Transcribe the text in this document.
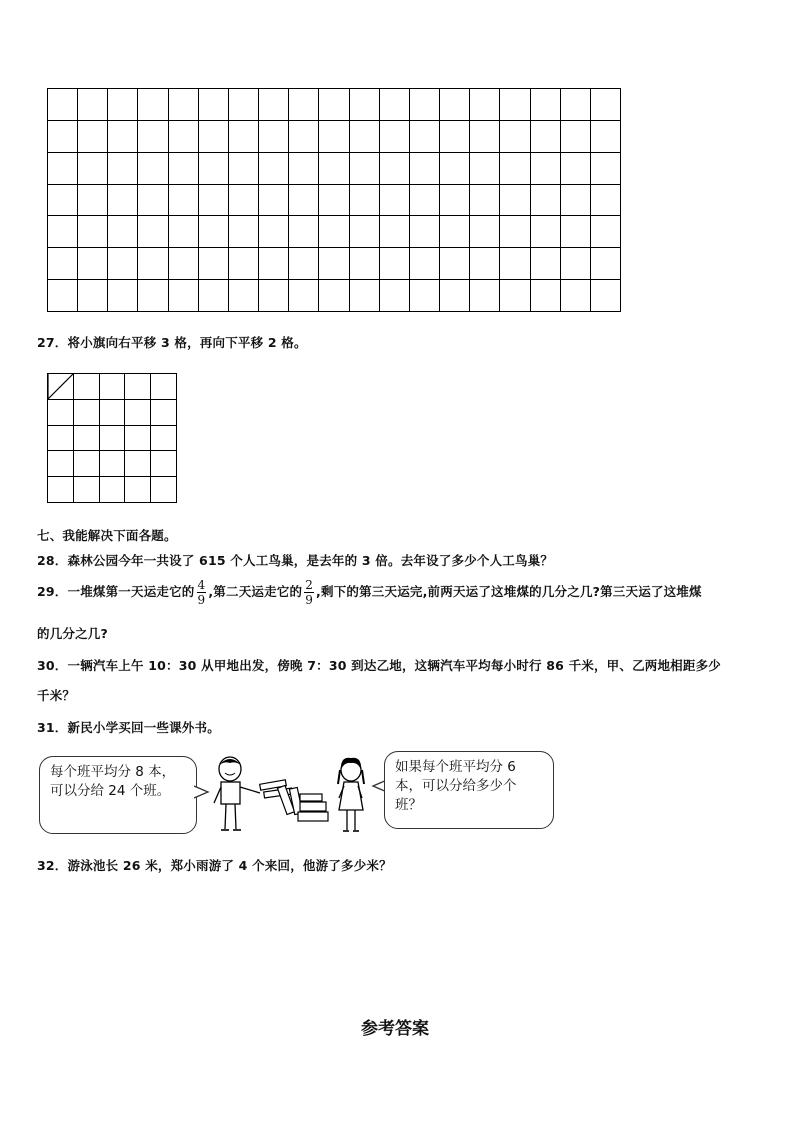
27．将小旗向右平移 3 格，再向下平移 2 格。
七、我能解决下面各题。
28．森林公园今年一共设了 615 个人工鸟巢，是去年的 3 倍。去年设了多少个人工鸟巢？
29．一堆煤第一天运走它的 $\frac{4}{9}$ ,第二天运走它的 $\frac{2}{9}$ ,剩下的第三天运完,前两天运了这堆煤的几分之几?第三天运了这堆煤
的几分之几?
30．一辆汽车上午 10：30 从甲地出发，傍晚 7：30 到达乙地，这辆汽车平均每小时行 86 千米，甲、乙两地相距多少
千米？
31．新民小学买回一些课外书。
每个班平均分 8 本，可以分给 24 个班。
如果每个班平均分 6 本，可以分给多少个班？
32．游泳池长 26 米，郑小雨游了 4 个来回，他游了多少米？
参考答案
